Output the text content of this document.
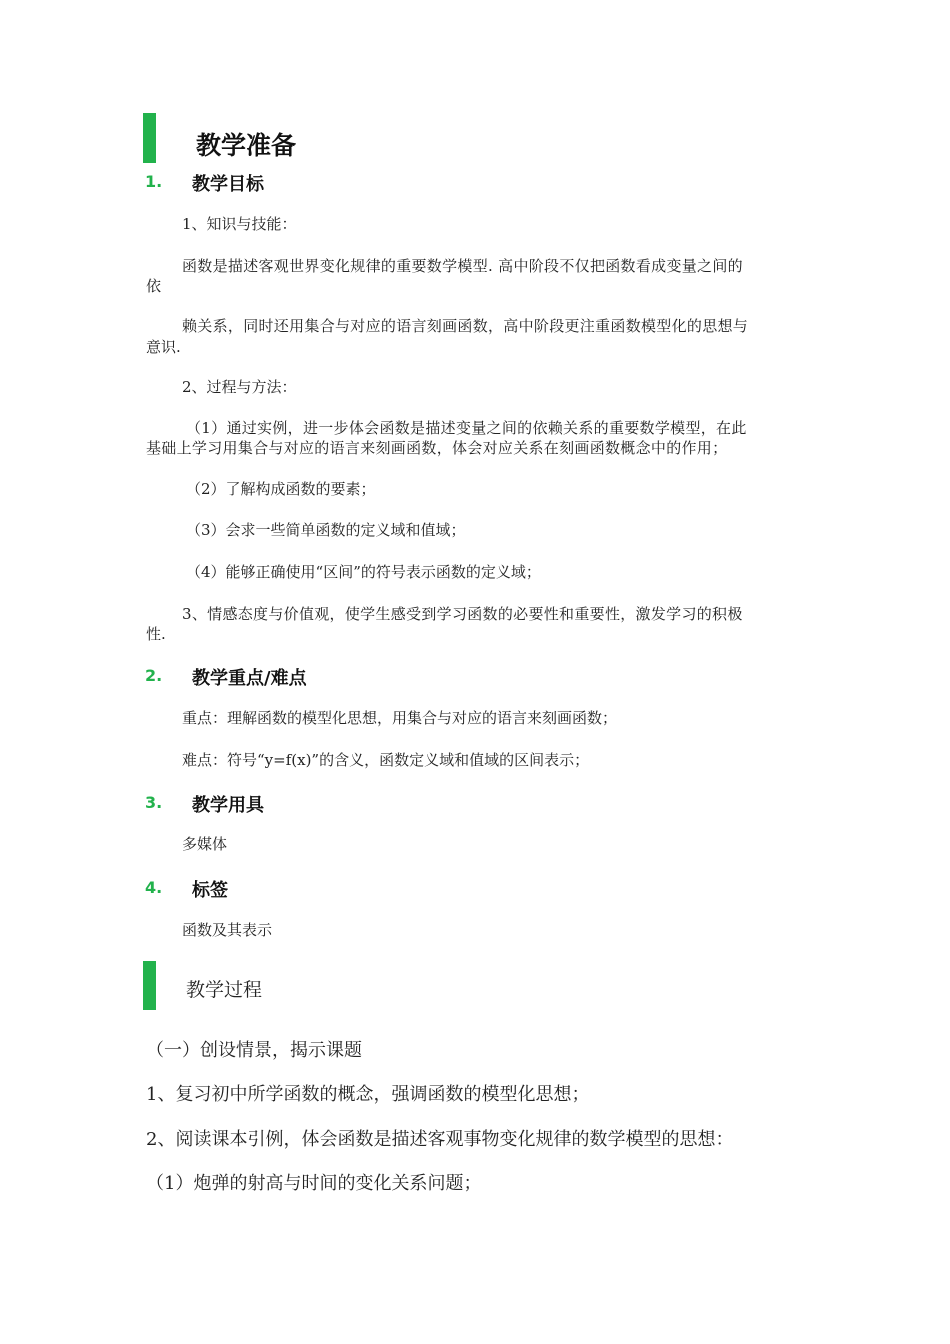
教学准备
1. 教学目标
1、知识与技能：
函数是描述客观世界变化规律的重要数学模型. 高中阶段不仅把函数看成变量之间的
依
赖关系，同时还用集合与对应的语言刻画函数，高中阶段更注重函数模型化的思想与
意识.
2、过程与方法：
（1）通过实例，进一步体会函数是描述变量之间的依赖关系的重要数学模型，在此
基础上学习用集合与对应的语言来刻画函数，体会对应关系在刻画函数概念中的作用；
（2）了解构成函数的要素；
（3）会求一些简单函数的定义域和值域；
（4）能够正确使用“区间”的符号表示函数的定义域；
3、情感态度与价值观，使学生感受到学习函数的必要性和重要性，激发学习的积极
性.
2. 教学重点/难点
重点：理解函数的模型化思想，用集合与对应的语言来刻画函数；
难点：符号“y=f(x)”的含义，函数定义域和值域的区间表示；
3. 教学用具
多媒体
4. 标签
函数及其表示
教学过程
（一）创设情景，揭示课题
1、复习初中所学函数的概念，强调函数的模型化思想；
2、阅读课本引例，体会函数是描述客观事物变化规律的数学模型的思想：
（1）炮弹的射高与时间的变化关系问题；
